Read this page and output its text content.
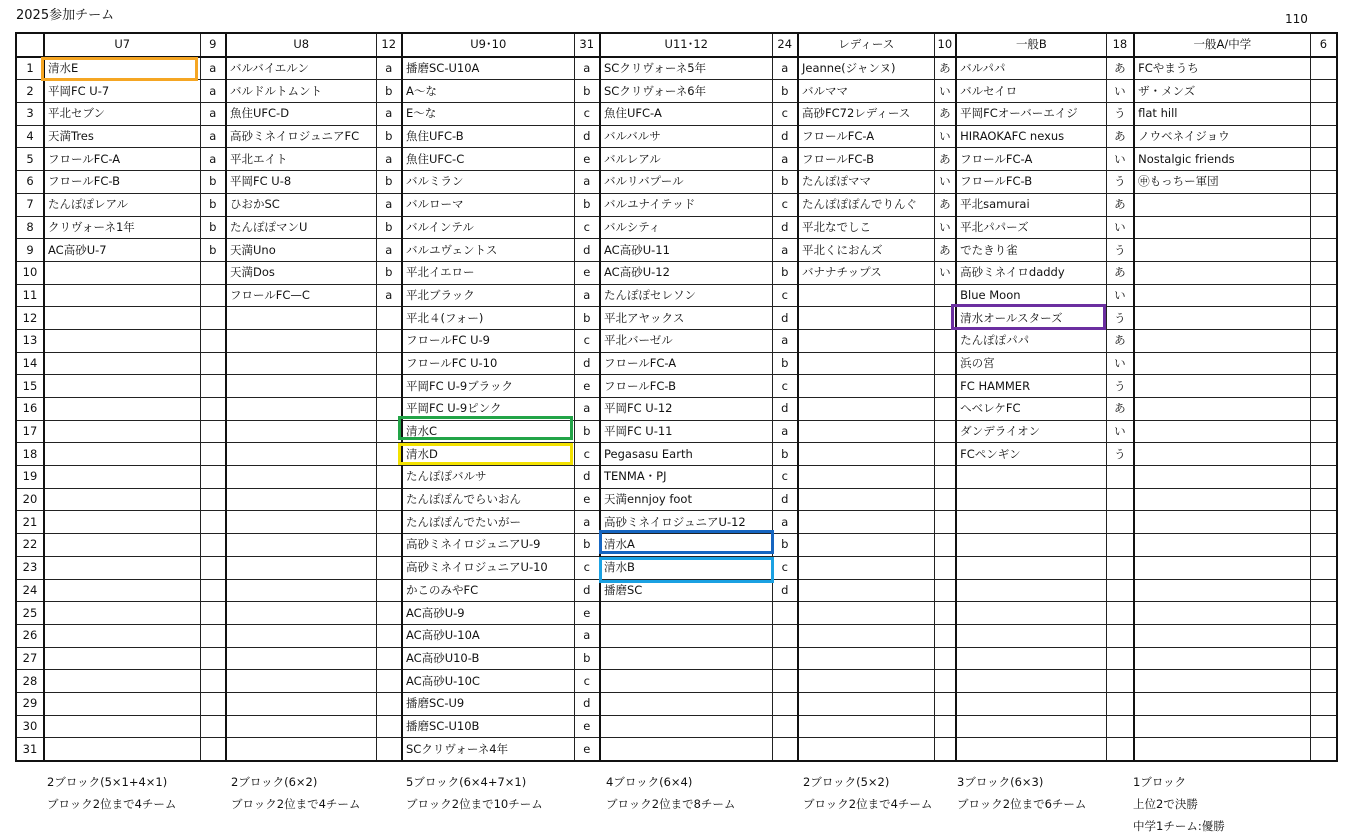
2025参加チーム	110
	U7	9	U8	12	U9･10	31	U11･12	24	レディース	10	一般B	18	一般A/中学	6
1	清水E	a	バルバイエルン	a	播磨SC-U10A	a	SCクリヴォーネ5年	a	Jeanne(ジャンヌ)	あ	バルパパ	あ	FCやまうち	
2	平岡FC U-7	a	バルドルトムント	b	A～な	b	SCクリヴォーネ6年	b	バルママ	い	バルセイロ	い	ザ・メンズ	
3	平北セブン	a	魚住UFC-D	a	E～な	c	魚住UFC-A	c	高砂FC72レディース	あ	平岡FCオーバーエイジ	う	flat hill	
4	天満Tres	a	高砂ミネイロジュニアFC	b	魚住UFC-B	d	バルバルサ	d	フロールFC-A	い	HIRAOKAFC nexus	あ	ノウベネイジョウ	
5	フロールFC-A	a	平北エイト	a	魚住UFC-C	e	バルレアル	a	フロールFC-B	あ	フロールFC-A	い	Nostalgic friends	
6	フロールFC-B	b	平岡FC U-8	b	バルミラン	a	バルリバプール	b	たんぽぽママ	い	フロールFC-B	う	㊥もっちー軍団	
7	たんぽぽレアル	b	ひおかSC	a	バルローマ	b	バルユナイテッド	c	たんぽぽぽんでりんぐ	あ	平北samurai	あ		
8	クリヴォーネ1年	b	たんぽぽマンU	b	バルインテル	c	バルシティ	d	平北なでしこ	い	平北パパーズ	い		
9	AC高砂U-7	b	天満Uno	a	バルユヴェントス	d	AC高砂U-11	a	平北くにおんズ	あ	でたきり雀	う		
10			天満Dos	b	平北イエロー	e	AC高砂U-12	b	バナナチップス	い	高砂ミネイロdaddy	あ		
11			フロールFC—C	a	平北ブラック	a	たんぽぽセレソン	c			Blue Moon	い		
12					平北４(フォー)	b	平北アヤックス	d			清水オールスターズ	う		
13					フロールFC U-9	c	平北バーゼル	a			たんぽぽパパ	あ		
14					フロールFC U-10	d	フロールFC-A	b			浜の宮	い		
15					平岡FC U-9ブラック	e	フロールFC-B	c			FC HAMMER	う		
16					平岡FC U-9ピンク	a	平岡FC U-12	d			へベレケFC	あ		
17					清水C	b	平岡FC U-11	a			ダンデライオン	い		
18					清水D	c	Pegasasu Earth	b			FCペンギン	う		
19					たんぽぽバルサ	d	TENMA・PJ	c						
20					たんぽぽんでらいおん	e	天満ennjoy foot	d						
21					たんぽぽんでたいがー	a	高砂ミネイロジュニアU-12	a						
22					高砂ミネイロジュニアU-9	b	清水A	b						
23					高砂ミネイロジュニアU-10	c	清水B	c						
24					かこのみやFC	d	播磨SC	d						
25					AC高砂U-9	e								
26					AC高砂U-10A	a								
27					AC高砂U10-B	b								
28					AC高砂U-10C	c								
29					播磨SC-U9	d								
30					播磨SC-U10B	e								
31					SCクリヴォーネ4年	e								
2ブロック(5×1+4×1)
ブロック2位まで4チーム
2ブロック(6×2)
ブロック2位まで4チーム
5ブロック(6×4+7×1)
ブロック2位まで10チーム
4ブロック(6×4)
ブロック2位まで8チーム
2ブロック(5×2)
ブロック2位まで4チーム
3ブロック(6×3)
ブロック2位まで6チーム
1ブロック
上位2で決勝
中学1チーム:優勝
